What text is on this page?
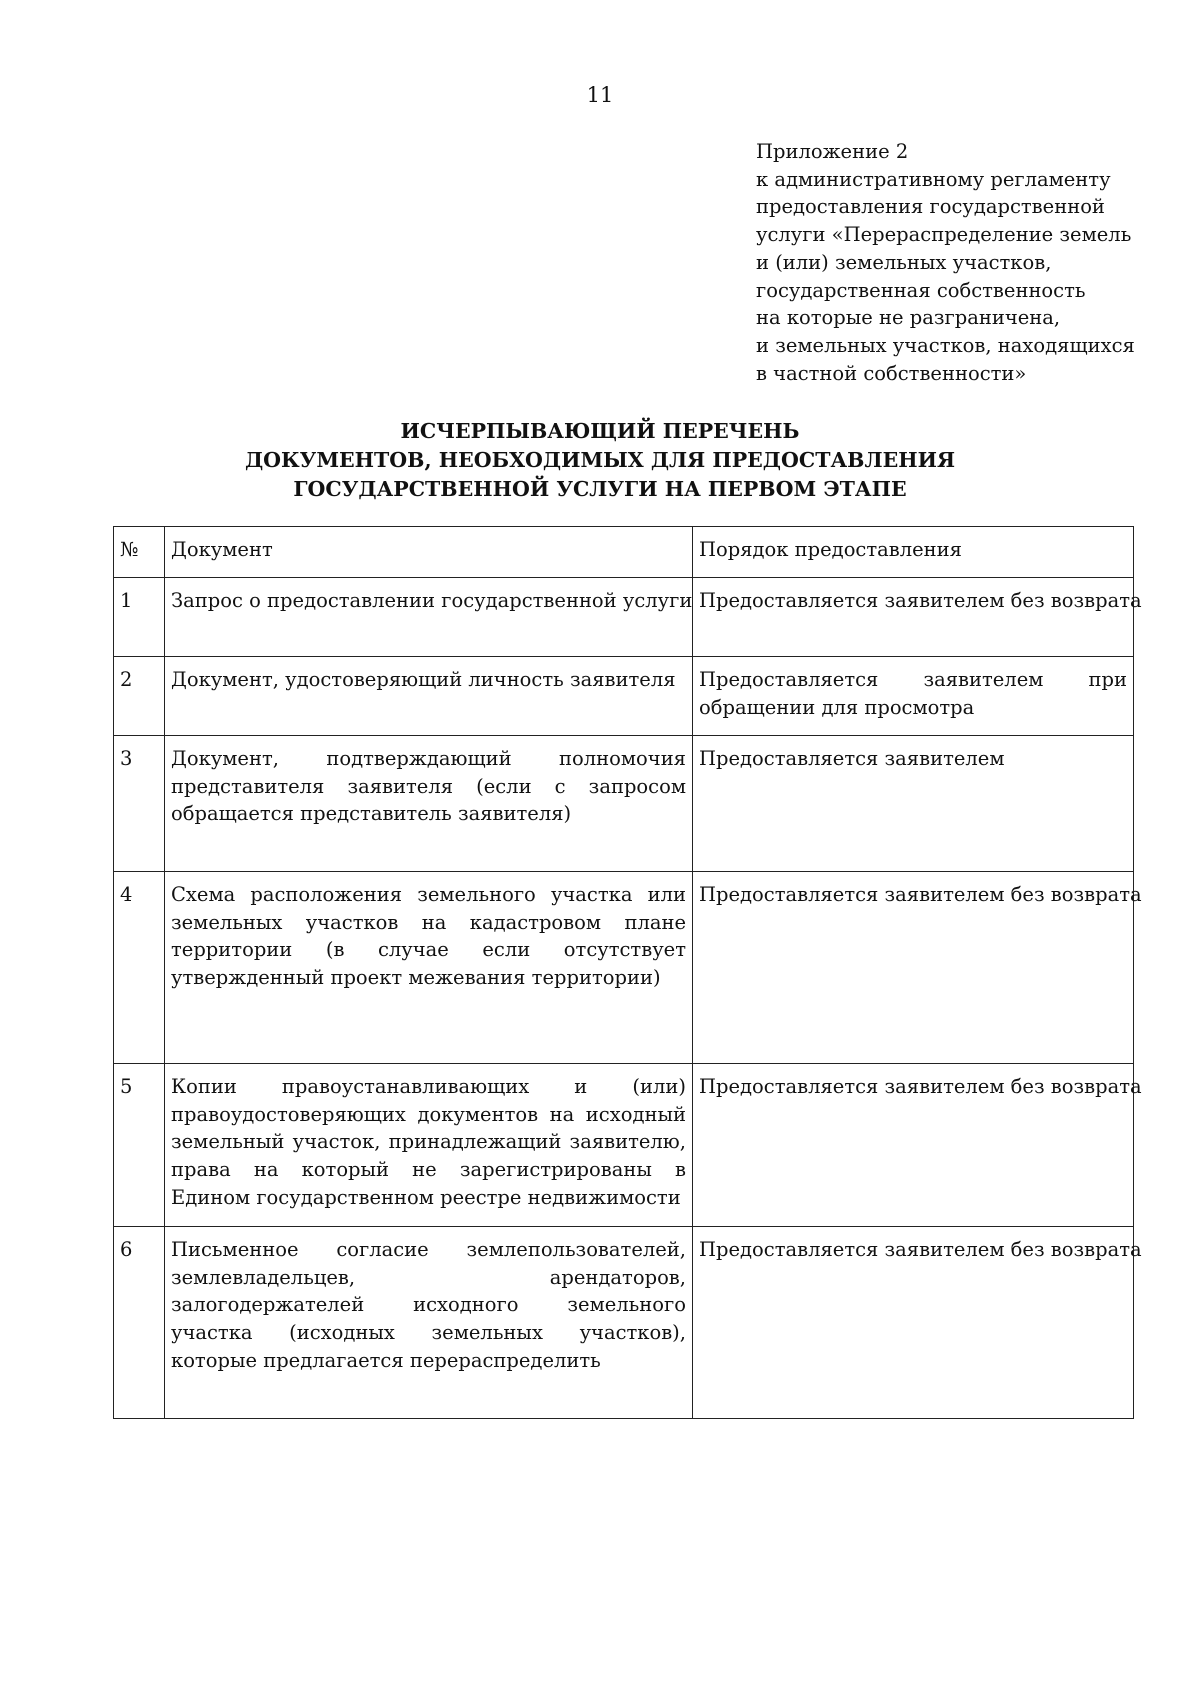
11
Приложение 2
к административному регламенту
предоставления государственной
услуги «Перераспределение земель
и (или) земельных участков,
государственная собственность
на которые не разграничена,
и земельных участков, находящихся
в частной собственности»
ИСЧЕРПЫВАЮЩИЙ ПЕРЕЧЕНЬ
ДОКУМЕНТОВ, НЕОБХОДИМЫХ ДЛЯ ПРЕДОСТАВЛЕНИЯ
ГОСУДАРСТВЕННОЙ УСЛУГИ НА ПЕРВОМ ЭТАПЕ
№	Документ	Порядок предоставления
1	Запрос о предоставлении государственной услуги	Предоставляется заявителем без возврата
2	Документ, удостоверяющий личность заявителя	Предоставляется заявителем при обращении для просмотра
3	Документ, подтверждающий полномочия представителя заявителя (если с запросом обращается представитель заявителя)	Предоставляется заявителем
4	Схема расположения земельного участка или земельных участков на кадастровом плане территории (в случае если отсутствует утвержденный проект межевания территории)	Предоставляется заявителем без возврата
5	Копии правоустанавливающих и (или) правоудостоверяющих документов на исходный земельный участок, принадлежащий заявителю, права на который не зарегистрированы в Едином государственном реестре недвижимости	Предоставляется заявителем без возврата
6	Письменное согласие землепользователей, землевладельцев, арендаторов, залогодержателей исходного земельного участка (исходных земельных участков), которые предлагается перераспределить	Предоставляется заявителем без возврата
